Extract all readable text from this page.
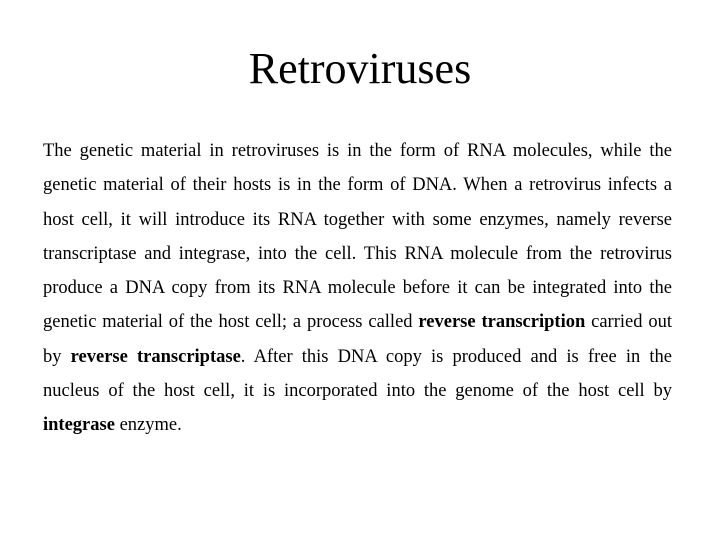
Retroviruses

The genetic material in retroviruses is in the form of RNA molecules, while the genetic material of their hosts is in the form of DNA. When a retrovirus infects a host cell, it will introduce its RNA together with some enzymes, namely reverse transcriptase and integrase, into the cell. This RNA molecule from the retrovirus produce a DNA copy from its RNA molecule before it can be integrated into the genetic material of the host cell; a process called reverse transcription carried out by reverse transcriptase. After this DNA copy is produced and is free in the nucleus of the host cell, it is incorporated into the genome of the host cell by integrase enzyme.
